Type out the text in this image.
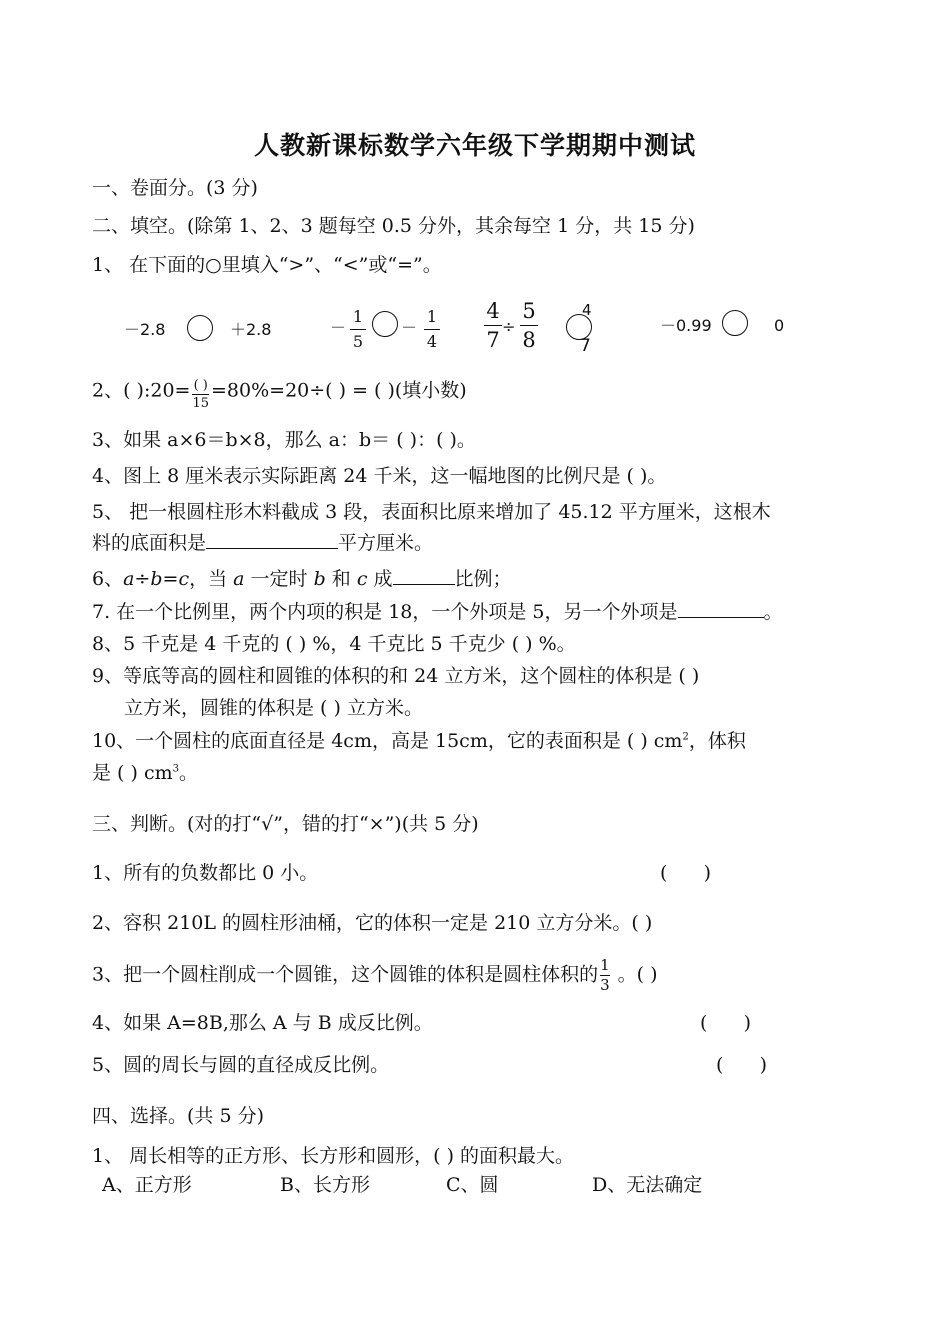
人教新课标数学六年级下学期期中测试
一、卷面分。(3 分)
二、填空。(除第 1、2、3 题每空 0.5 分外，其余每空 1 分，共 15 分)
1、 在下面的○里填入“>”、“<”或“=”。
－2.8	＋2.8	－
1
5
－
1
4
4
7
÷
5
8
4
7
－0.99	0
2、( ):20= $\frac{( )}{15} =80\%=20\div$( ) = ( )(填小数)
3、如果 a×6＝b×8，那么 a：b＝ ( )：( )。
4、图上 8 厘米表示实际距离 24 千米，这一幅地图的比例尺是 ( )。
5、 把一根圆柱形木料截成 3 段，表面积比原来增加了 45.12 平方厘米，这根木
料的底面积是	平方厘米。
6、a÷b=c，当 a 一定时 b 和 c 成	比例；
7. 在一个比例里，两个内项的积是 18，一个外项是 5，另一个外项是	。
8、5 千克是 4 千克的 ( ) %，4 千克比 5 千克少 ( ) %。
9、等底等高的圆柱和圆锥的体积的和 24 立方米，这个圆柱的体积是 ( )
立方米，圆锥的体积是 ( ) 立方米。
10、一个圆柱的底面直径是 4cm，高是 15cm，它的表面积是 ( ) $cm^2$，体积
是 ( ) $cm^3$。
三、判断。(对的打“√”，错的打“×”)(共 5 分)
1、所有的负数都比 0 小。	(      )
2、容积 210L 的圆柱形油桶，它的体积一定是 210 立方分米。( )
3、把一个圆柱削成一个圆锥，这个圆锥的体积是圆柱体积的 $\frac{1}{3}$ 。( )
4、如果 A=8B,那么 A 与 B 成反比例。	(      )
5、圆的周长与圆的直径成反比例。	(      )
四、选择。(共 5 分)
1、 周长相等的正方形、长方形和圆形，( ) 的面积最大。
A、正方形	B、长方形	C、圆	D、无法确定
